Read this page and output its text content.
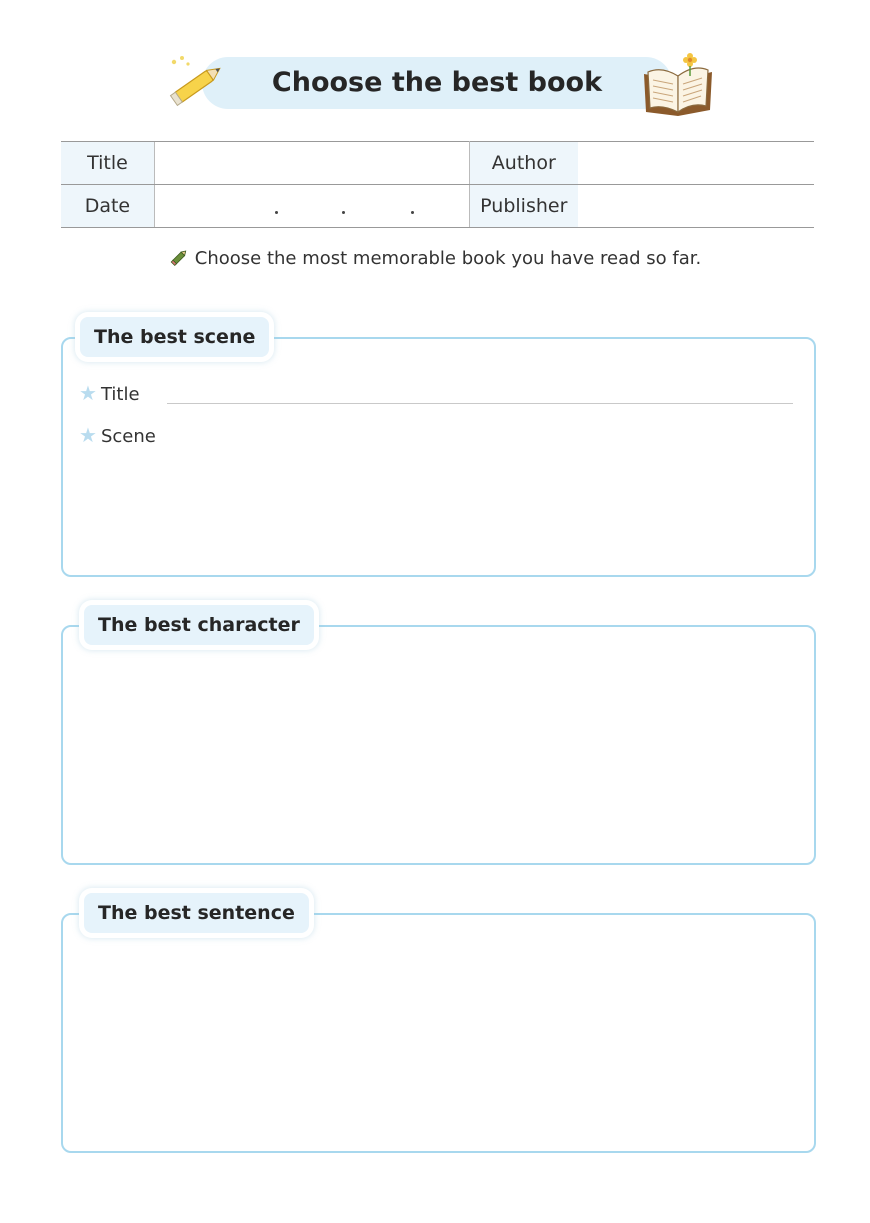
Choose the best book
Title		Author	
Date		Publisher	
Choose the most memorable book you have read so far.
The best scene
★ Title
★ Scene
The best character
The best sentence
